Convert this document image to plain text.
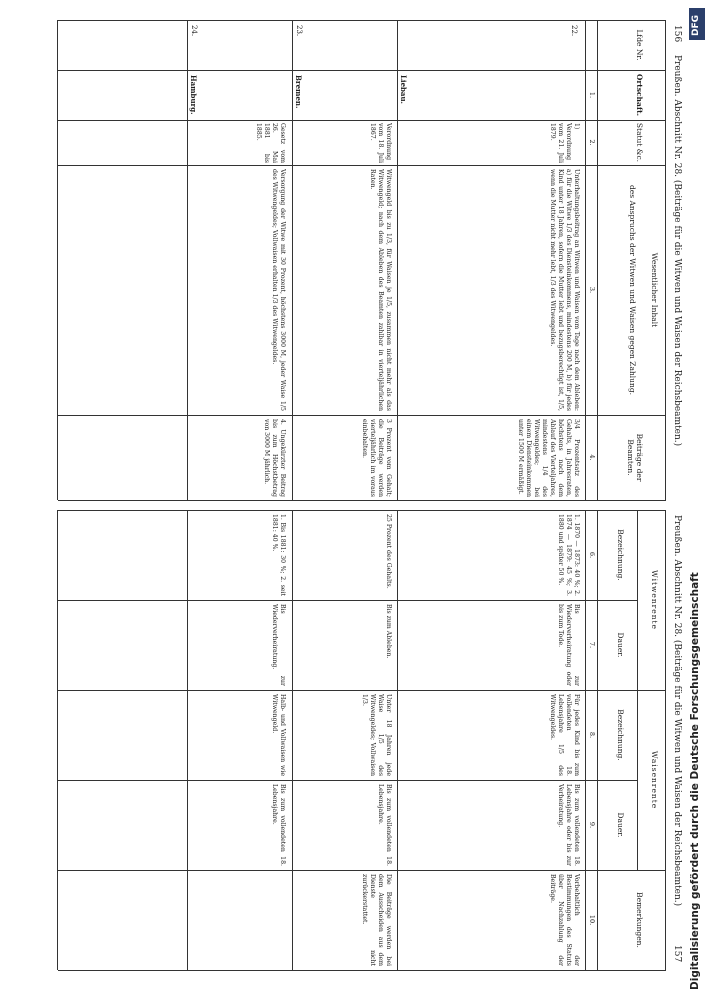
156
Preußen. Abschnitt Nr. 28. (Beiträge für die Witwen und Waisen der Reichsbeamten.)
Lfde Nr.
Ortschaft.
Statut &c.
Wesentlicher Inhalt
des Anspruchs der Witwen und Waisen gegen Zahlung.
Beiträge der Beamten.
1.
2.
3.
4.
22.
Liebau.
1) Verordnung vom 21. Juli 1879.
Unterhaltungsbeitrag an Witwen und Waisen vom Tage nach dem Ableben: a) für die Witwe 1/3 des Diensteinkommens, mindestens 200 M, b) für jedes Kind unter 18 Jahren, sofern die Mutter lebt und bezugsberechtigt ist, 1/5, wenn die Mutter nicht mehr lebt, 1/3 des Witwengeldes.
3/4 Prozentsatz des Gehalts, in Jahresraten, höchstens nach dem Ablauf des Vierteljahres, mindestens 1/4 des Witwengeldes; bei einem Diensteinkommen unter 1500 M ermäßigt.
23.
Bremen.
Verordnung vom 18. Juli 1867.
Witwengeld bis zu 1/3, für Waisen je 1/5, zusammen nicht mehr als das Witwengeld; nach dem Ableben des Beamten zahlbar in vierteljährlichen Raten.
3 Prozent vom Gehalt; die Beiträge werden vierteljährlich im voraus einbehalten.
24.
Hamburg.
Gesetz vom 26. Mai 1881 bis 1885.
Versorgung der Witwe mit 30 Prozent, höchstens 3000 M, jeder Waise 1/5 des Witwengeldes; Vollwaisen erhalten 1/3 des Witwengeldes.
4. Ungekürzter Beitrag bis zum Höchstbetrag von 3000 M jährlich.
Preußen. Abschnitt Nr. 28. (Beiträge für die Witwen und Waisen der Reichsbeamten.)
157
Witwenrente
Bezeichnung.
Dauer.
Waisenrente
Bezeichnung.
Dauer.
Bemerkungen.
6.
7.
8.
9.
10.
1. 1870 — 1873: 40 %; 2. 1874 — 1879: 45 %; 3. 1880 und später 50 %.
Bis zur Wiederverheiratung oder bis zum Tode.
Für jedes Kind bis zum vollendeten 18. Lebensjahre 1/5 des Witwengeldes.
Bis zum vollendeten 18. Lebensjahre oder bis zur Verheiratung.
Vorbehaltlich der Bestimmungen des Statuts über Nachzahlung der Beiträge.
25 Prozent des Gehalts.
Bis zum Ableben.
Unter 18 Jahren jede Waise 1/5 des Witwengeldes; Vollwaisen 1/3.
Bis zum vollendeten 18. Lebensjahre.
Die Beiträge werden bei dem Ausscheiden aus dem Dienste nicht zurückerstattet.
1. Bis 1881: 30 %; 2. seit 1881: 40 %.
Bis zur Wiederverheiratung.
Halb- und Vollwaisen wie Witwengeld.
Bis zum vollendeten 18. Lebensjahre.	Digitalisierung gefördert durch die Deutsche Forschungsgemeinschaft
DFG
